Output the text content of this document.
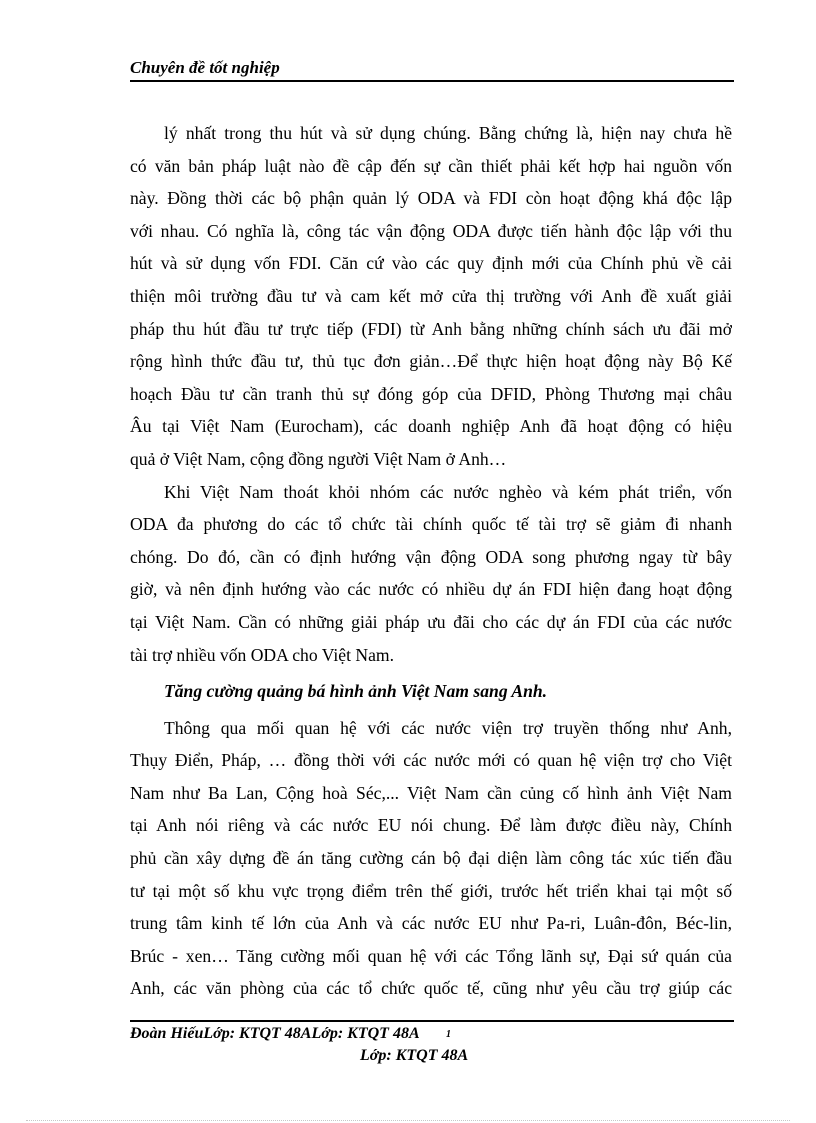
Chuyên đề tốt nghiệp
lý nhất trong thu hút và sử dụng chúng. Bằng chứng là, hiện nay chưa hề
có văn bản pháp luật nào đề cập đến sự cần thiết phải kết hợp hai nguồn vốn
này. Đồng thời các bộ phận quản lý ODA và FDI còn hoạt động khá độc lập
với nhau. Có nghĩa là, công tác vận động ODA được tiến hành độc lập với thu
hút và sử dụng vốn FDI. Căn cứ vào các quy định mới của Chính phủ về cải
thiện môi trường đầu tư và cam kết mở cửa thị trường với Anh đề xuất giải
pháp thu hút đầu tư trực tiếp (FDI) từ Anh bằng những chính sách ưu đãi mở
rộng hình thức đầu tư, thủ tục đơn giản…Để thực hiện hoạt động này Bộ Kế
hoạch Đầu tư cần tranh thủ sự đóng góp của DFID, Phòng Thương mại châu
Âu tại Việt Nam (Eurocham), các doanh nghiệp Anh đã hoạt động có hiệu
quả ở Việt Nam, cộng đồng người Việt Nam ở Anh…
Khi Việt Nam thoát khỏi nhóm các nước nghèo và kém phát triển, vốn
ODA đa phương do các tổ chức tài chính quốc tế tài trợ sẽ giảm đi nhanh
chóng. Do đó, cần có định hướng vận động ODA song phương ngay từ bây
giờ, và nên định hướng vào các nước có nhiều dự án FDI hiện đang hoạt động
tại Việt Nam. Cần có những giải pháp ưu đãi cho các dự án FDI của các nước
tài trợ nhiều vốn ODA cho Việt Nam.
Tăng cường quảng bá hình ảnh Việt Nam sang Anh.
Thông qua mối quan hệ với các nước viện trợ truyền thống như Anh,
Thụy Điển, Pháp, … đồng thời với các nước mới có quan hệ viện trợ cho Việt
Nam như Ba Lan, Cộng hoà Séc,... Việt Nam cần củng cố hình ảnh Việt Nam
tại Anh nói riêng và các nước EU nói chung. Để làm được điều này, Chính
phủ cần xây dựng đề án tăng cường cán bộ đại diện làm công tác xúc tiến đầu
tư tại một số khu vực trọng điểm trên thế giới, trước hết triển khai tại một số
trung tâm kinh tế lớn của Anh và các nước EU như Pa-ri, Luân-đôn, Béc-lin,
Brúc - xen… Tăng cường mối quan hệ với các Tổng lãnh sự, Đại sứ quán của
Anh, các văn phòng của các tổ chức quốc tế, cũng như yêu cầu trợ giúp các
Đoàn HiếuLớp: KTQT 48ALớp: KTQT 48A	1
Lớp: KTQT 48A
